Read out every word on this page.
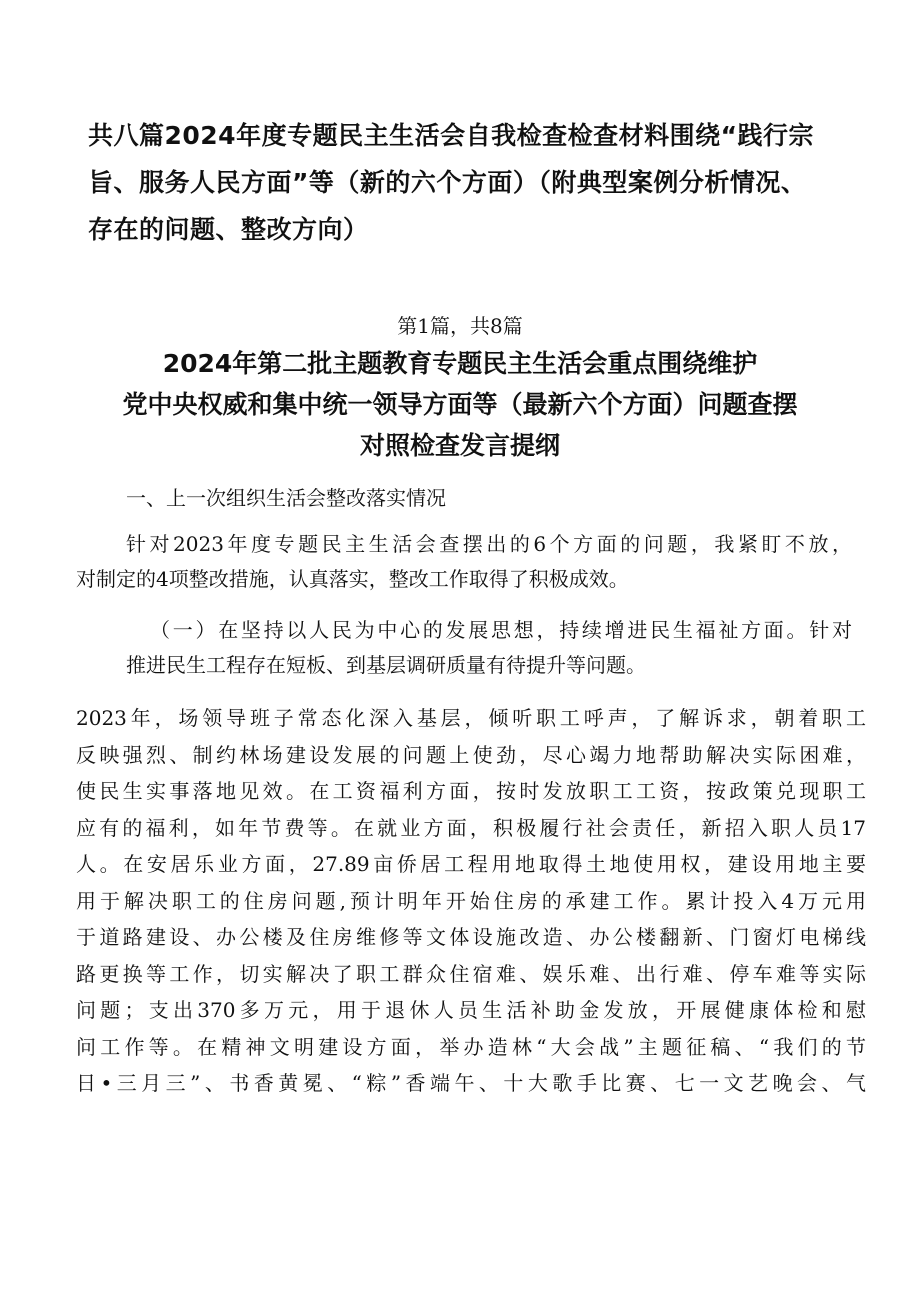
共八篇2024年度专题民主生活会自我检查检查材料围绕“践行宗
旨、服务人民方面”等（新的六个方面）（附典型案例分析情况、
存在的问题、整改方向）
第1篇，共8篇
2024年第二批主题教育专题民主生活会重点围绕维护
党中央权威和集中统一领导方面等（最新六个方面）问题查摆
对照检查发言提纲
一、上一次组织生活会整改落实情况
针对2023年度专题民主生活会查摆出的6个方面的问题，我紧盯不放，
对制定的4项整改措施，认真落实，整改工作取得了积极成效。
（一）在坚持以人民为中心的发展思想，持续增进民生福祉方面。针对
推进民生工程存在短板、到基层调研质量有待提升等问题。
2023年，场领导班子常态化深入基层，倾听职工呼声，了解诉求，朝着职工
反映强烈、制约林场建设发展的问题上使劲，尽心竭力地帮助解决实际困难，
使民生实事落地见效。在工资福利方面，按时发放职工工资，按政策兑现职工
应有的福利，如年节费等。在就业方面，积极履行社会责任，新招入职人员17
人。在安居乐业方面，27.89亩侨居工程用地取得土地使用权，建设用地主要
用于解决职工的住房问题,预计明年开始住房的承建工作。累计投入4万元用
于道路建设、办公楼及住房维修等文体设施改造、办公楼翻新、门窗灯电梯线
路更换等工作，切实解决了职工群众住宿难、娱乐难、出行难、停车难等实际
问题；支出370多万元，用于退休人员生活补助金发放，开展健康体检和慰
问工作等。在精神文明建设方面，举办造林“大会战”主题征稿、“我们的节
日•三月三”、书香黄冕、“粽”香端午、十大歌手比赛、七一文艺晚会、气
